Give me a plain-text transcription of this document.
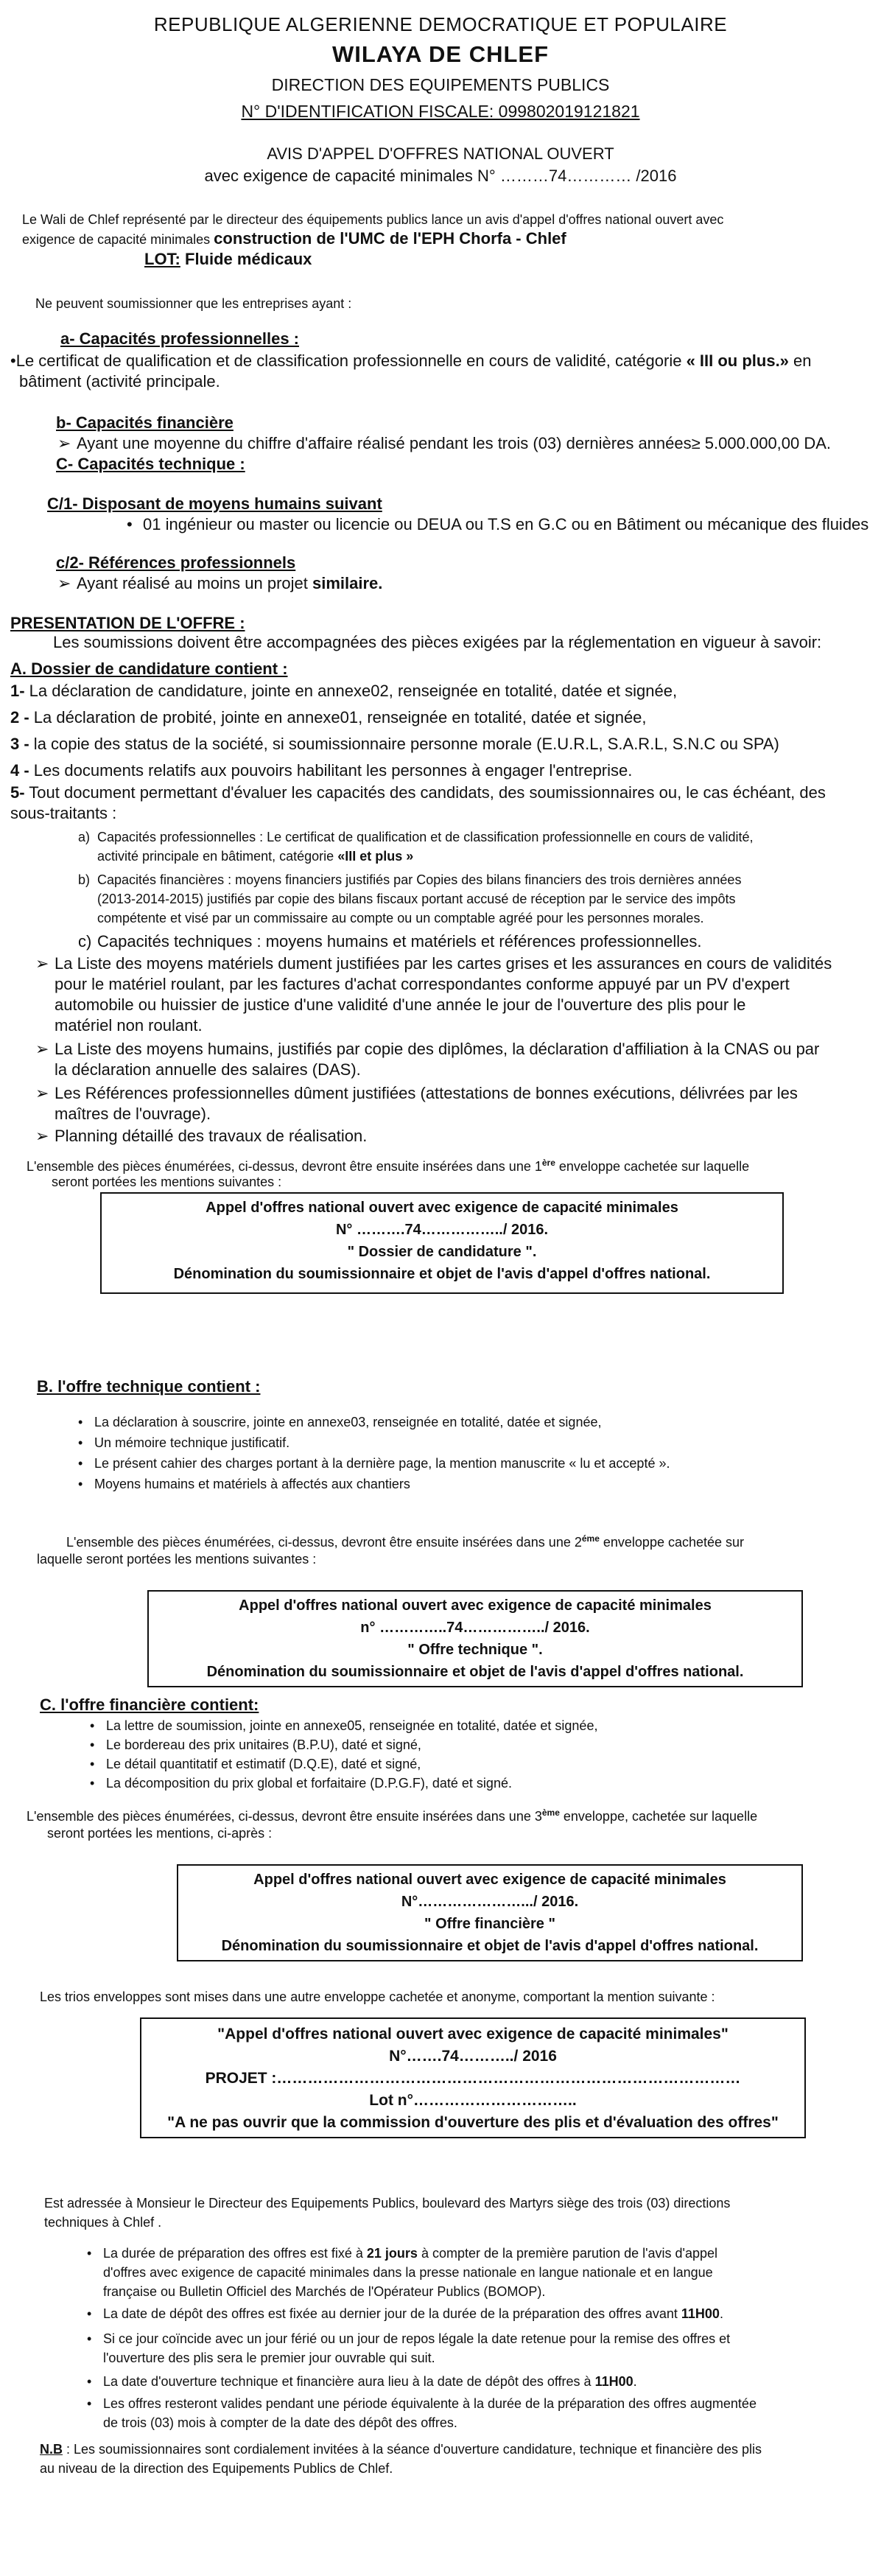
REPUBLIQUE ALGERIENNE DEMOCRATIQUE ET POPULAIRE
WILAYA DE CHLEF
DIRECTION DES EQUIPEMENTS PUBLICS
N° D'IDENTIFICATION FISCALE: 099802019121821
AVIS D'APPEL D'OFFRES NATIONAL OUVERT
avec exigence de capacité minimales N° ………74………… /2016
Le Wali de Chlef représenté par le directeur des équipements publics lance un avis d'appel d'offres national ouvert avec
exigence de capacité minimales construction de l'UMC de l'EPH Chorfa - Chlef
LOT: Fluide médicaux
Ne peuvent soumissionner que les entreprises ayant :
a- Capacités professionnelles :
•Le certificat de qualification et de classification professionnelle en cours de validité, catégorie « III ou plus.» en
bâtiment (activité principale.
b- Capacités financière
➢ Ayant une moyenne du chiffre d'affaire réalisé pendant les trois (03) dernières années≥ 5.000.000,00 DA.
C- Capacités technique :
C/1- Disposant de moyens humains suivant
• 01 ingénieur ou master ou licencie ou DEUA ou T.S en G.C ou en Bâtiment ou mécanique des fluides
c/2- Références professionnels
➢ Ayant réalisé au moins un projet similaire.
PRESENTATION DE L'OFFRE :
Les soumissions doivent être accompagnées des pièces exigées par la réglementation en vigueur à savoir:
A. Dossier de candidature contient :
1- La déclaration de candidature, jointe en annexe02, renseignée en totalité, datée et signée,
2 - La déclaration de probité, jointe en annexe01, renseignée en totalité, datée et signée,
3 - la copie des status de la société, si soumissionnaire personne morale (E.U.R.L, S.A.R.L, S.N.C ou SPA)
4 - Les documents relatifs aux pouvoirs habilitant les personnes à engager l'entreprise.
5- Tout document permettant d'évaluer les capacités des candidats, des soumissionnaires ou, le cas échéant, des
sous-traitants :
a) Capacités professionnelles : Le certificat de qualification et de classification professionnelle en cours de validité,
activité principale en bâtiment, catégorie «III et plus »
b) Capacités financières : moyens financiers justifiés par Copies des bilans financiers des trois dernières années
(2013-2014-2015) justifiés par copie des bilans fiscaux portant accusé de réception par le service des impôts
compétente et visé par un commissaire au compte ou un comptable agréé pour les personnes morales.
c) Capacités techniques : moyens humains et matériels et références professionnelles.
➢ La Liste des moyens matériels dument justifiées par les cartes grises et les assurances en cours de validités
pour le matériel roulant, par les factures d'achat correspondantes conforme appuyé par un PV d'expert
automobile ou huissier de justice d'une validité d'une année le jour de l'ouverture des plis pour le
matériel non roulant.
➢ La Liste des moyens humains, justifiés par copie des diplômes, la déclaration d'affiliation à la CNAS ou par
la déclaration annuelle des salaires (DAS).
➢ Les Références professionnelles dûment justifiées (attestations de bonnes exécutions, délivrées par les
maîtres de l'ouvrage).
➢ Planning détaillé des travaux de réalisation.
L'ensemble des pièces énumérées, ci-dessus, devront être ensuite insérées dans une 1ère enveloppe cachetée sur laquelle
seront portées les mentions suivantes :
Appel d'offres national ouvert avec exigence de capacité minimales
N° ……….74……………../ 2016.
" Dossier de candidature ".
Dénomination du soumissionnaire et objet de l'avis d'appel d'offres national.
B. l'offre technique contient :
• La déclaration à souscrire, jointe en annexe03, renseignée en totalité, datée et signée,
• Un mémoire technique justificatif.
• Le présent cahier des charges portant à la dernière page, la mention manuscrite « lu et accepté ».
• Moyens humains et matériels à affectés aux chantiers
L'ensemble des pièces énumérées, ci-dessus, devront être ensuite insérées dans une $2^{éme}$ enveloppe cachetée sur
laquelle seront portées les mentions suivantes :
Appel d'offres national ouvert avec exigence de capacité minimales
n° …………..74……………../ 2016.
" Offre technique ".
Dénomination du soumissionnaire et objet de l'avis d'appel d'offres national.
C. l'offre financière contient:
• La lettre de soumission, jointe en annexe05, renseignée en totalité, datée et signée,
• Le bordereau des prix unitaires (B.P.U), daté et signé,
• Le détail quantitatif et estimatif (D.Q.E), daté et signé,
• La décomposition du prix global et forfaitaire (D.P.G.F), daté et signé.
L'ensemble des pièces énumérées, ci-dessus, devront être ensuite insérées dans une 3ème enveloppe, cachetée sur laquelle
seront portées les mentions, ci-après :
Appel d'offres national ouvert avec exigence de capacité minimales
N°………………….../ 2016.
" Offre financière "
Dénomination du soumissionnaire et objet de l'avis d'appel d'offres national.
Les trios enveloppes sont mises dans une autre enveloppe cachetée et anonyme, comportant la mention suivante :
"Appel d'offres national ouvert avec exigence de capacité minimales"
N°…….74………../ 2016
PROJET :………………………………………………………………………………
Lot n°…………………………..
"A ne pas ouvrir que la commission d'ouverture des plis et d'évaluation des offres"
Est adressée à Monsieur le Directeur des Equipements Publics, boulevard des Martyrs siège des trois (03) directions
techniques à Chlef .
• La durée de préparation des offres est fixé à 21 jours à compter de la première parution de l'avis d'appel
d'offres avec exigence de capacité minimales dans la presse nationale en langue nationale et en langue
française ou Bulletin Officiel des Marchés de l'Opérateur Publics (BOMOP).
• La date de dépôt des offres est fixée au dernier jour de la durée de la préparation des offres avant 11H00.
• Si ce jour coïncide avec un jour férié ou un jour de repos légale la date retenue pour la remise des offres et
l'ouverture des plis sera le premier jour ouvrable qui suit.
• La date d'ouverture technique et financière aura lieu à la date de dépôt des offres à 11H00.
• Les offres resteront valides pendant une période équivalente à la durée de la préparation des offres augmentée
de trois (03) mois à compter de la date des dépôt des offres.
N.B : Les soumissionnaires sont cordialement invitées à la séance d'ouverture candidature, technique et financière des plis
au niveau de la direction des Equipements Publics de Chlef.
